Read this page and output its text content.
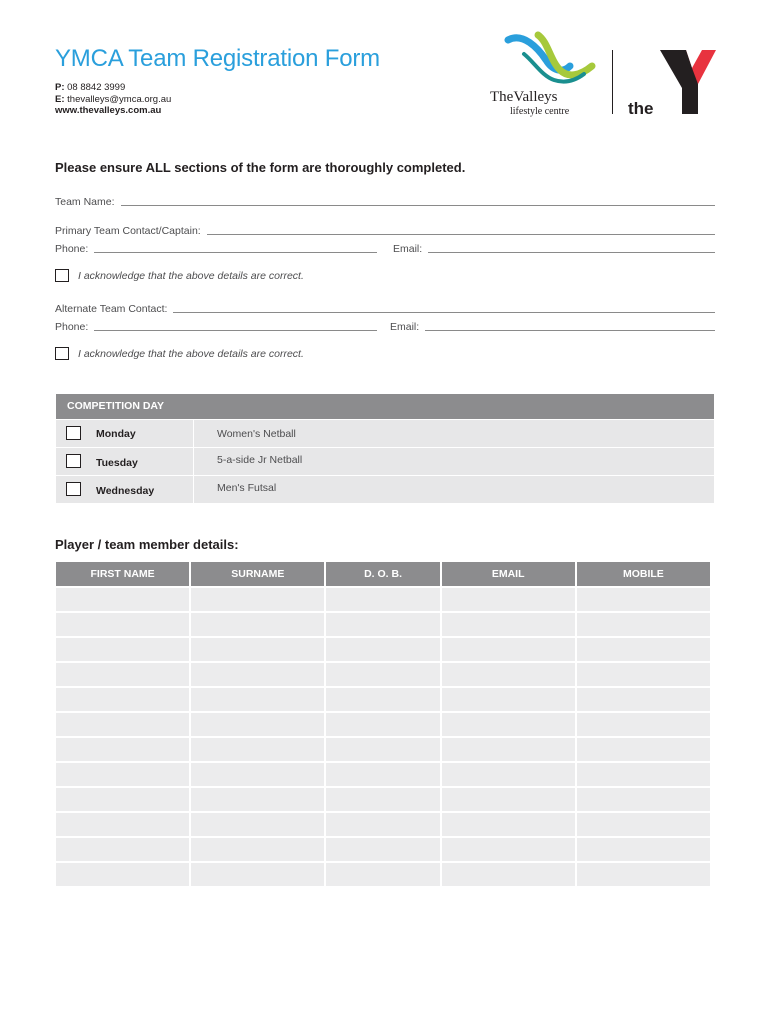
YMCA Team Registration Form
P: 08 8842 3999
E: thevalleys@ymca.org.au
www.thevalleys.com.au
TheValleys
lifestyle centre	the
Please ensure ALL sections of the form are thoroughly completed.
Team Name:
Primary Team Contact/Captain:
Phone:	Email:
I acknowledge that the above details are correct.
Alternate Team Contact:
Phone:	Email:
I acknowledge that the above details are correct.
COMPETITION DAY
Monday	Women's Netball
Tuesday	5-a-side Jr Netball
Wednesday	Men's Futsal
Player / team member details:
FIRST NAME	SURNAME	D. O. B.	EMAIL	MOBILE
